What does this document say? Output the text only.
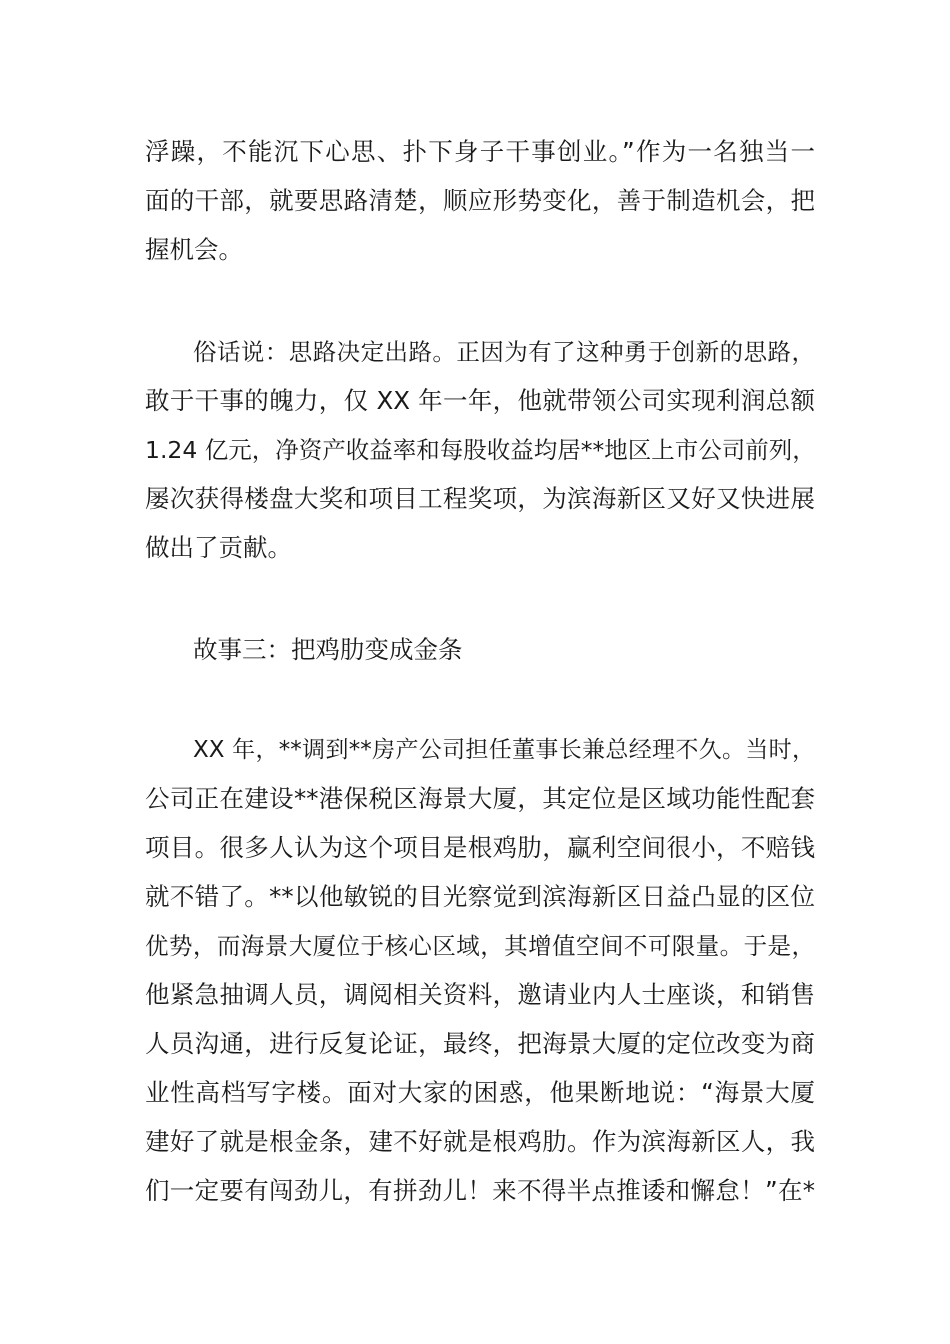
浮躁，不能沉下心思、扑下身子干事创业。”作为一名独当一
面的干部，就要思路清楚，顺应形势变化，善于制造机会，把
握机会。
俗话说：思路决定出路。正因为有了这种勇于创新的思路，
敢于干事的魄力，仅 XX 年一年，他就带领公司实现利润总额
1.24 亿元，净资产收益率和每股收益均居**地区上市公司前列，
屡次获得楼盘大奖和项目工程奖项，为滨海新区又好又快进展
做出了贡献。
故事三：把鸡肋变成金条
XX 年，**调到**房产公司担任董事长兼总经理不久。当时，
公司正在建设**港保税区海景大厦，其定位是区域功能性配套
项目。很多人认为这个项目是根鸡肋，赢利空间很小，不赔钱
就不错了。**以他敏锐的目光察觉到滨海新区日益凸显的区位
优势，而海景大厦位于核心区域，其增值空间不可限量。于是，
他紧急抽调人员，调阅相关资料，邀请业内人士座谈，和销售
人员沟通，进行反复论证，最终，把海景大厦的定位改变为商
业性高档写字楼。面对大家的困惑，他果断地说：“海景大厦
建好了就是根金条，建不好就是根鸡肋。作为滨海新区人，我
们一定要有闯劲儿，有拼劲儿！来不得半点推诿和懈怠！”在*
